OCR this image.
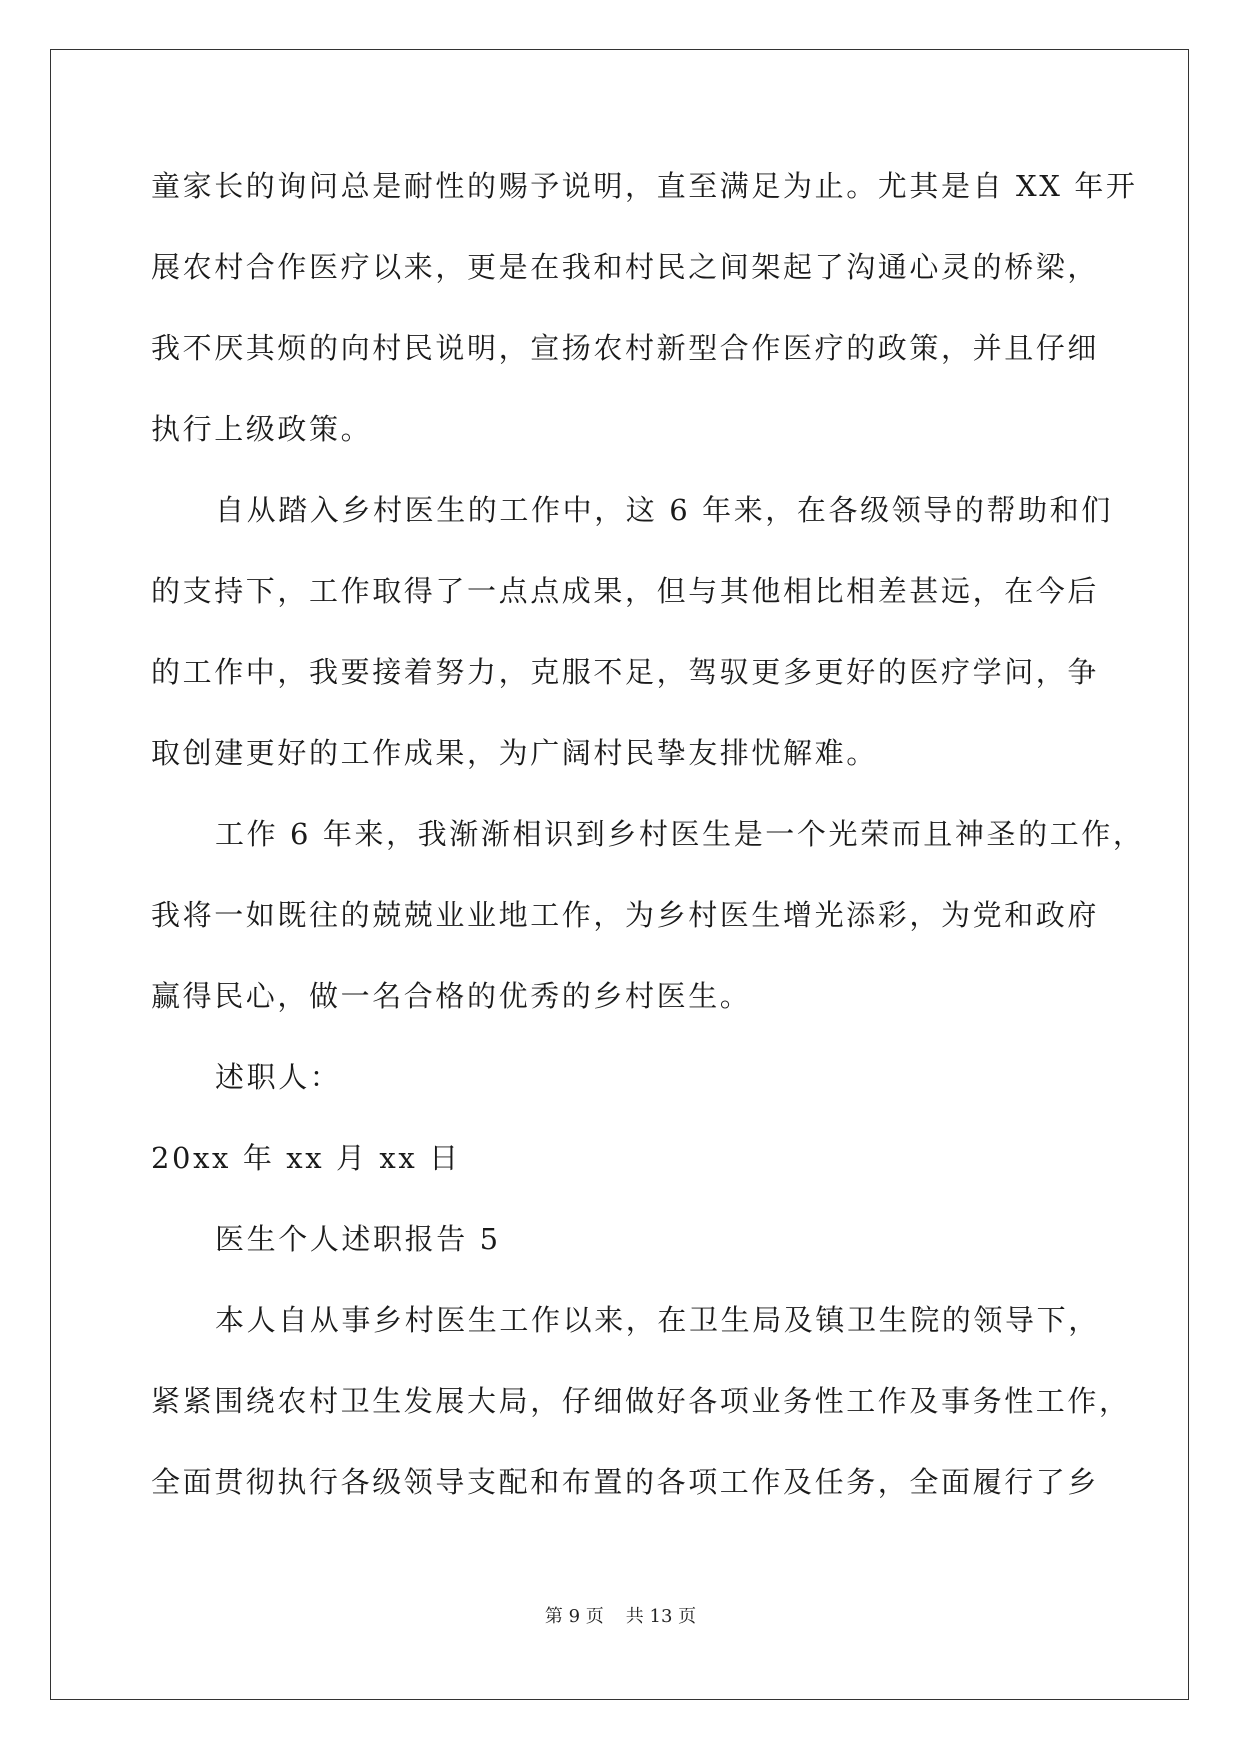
童家长的询问总是耐性的赐予说明，直至满足为止。尤其是自 XX 年开
展农村合作医疗以来，更是在我和村民之间架起了沟通心灵的桥梁，
我不厌其烦的向村民说明，宣扬农村新型合作医疗的政策，并且仔细
执行上级政策。
自从踏入乡村医生的工作中，这 6 年来，在各级领导的帮助和们
的支持下，工作取得了一点点成果，但与其他相比相差甚远，在今后
的工作中，我要接着努力，克服不足，驾驭更多更好的医疗学问，争
取创建更好的工作成果，为广阔村民挚友排忧解难。
工作 6 年来，我渐渐相识到乡村医生是一个光荣而且神圣的工作，
我将一如既往的兢兢业业地工作，为乡村医生增光添彩，为党和政府
赢得民心，做一名合格的优秀的乡村医生。
述职人：
20xx 年 xx 月 xx 日
医生个人述职报告 5
本人自从事乡村医生工作以来，在卫生局及镇卫生院的领导下，
紧紧围绕农村卫生发展大局，仔细做好各项业务性工作及事务性工作，
全面贯彻执行各级领导支配和布置的各项工作及任务，全面履行了乡
第 9 页 共 13 页
